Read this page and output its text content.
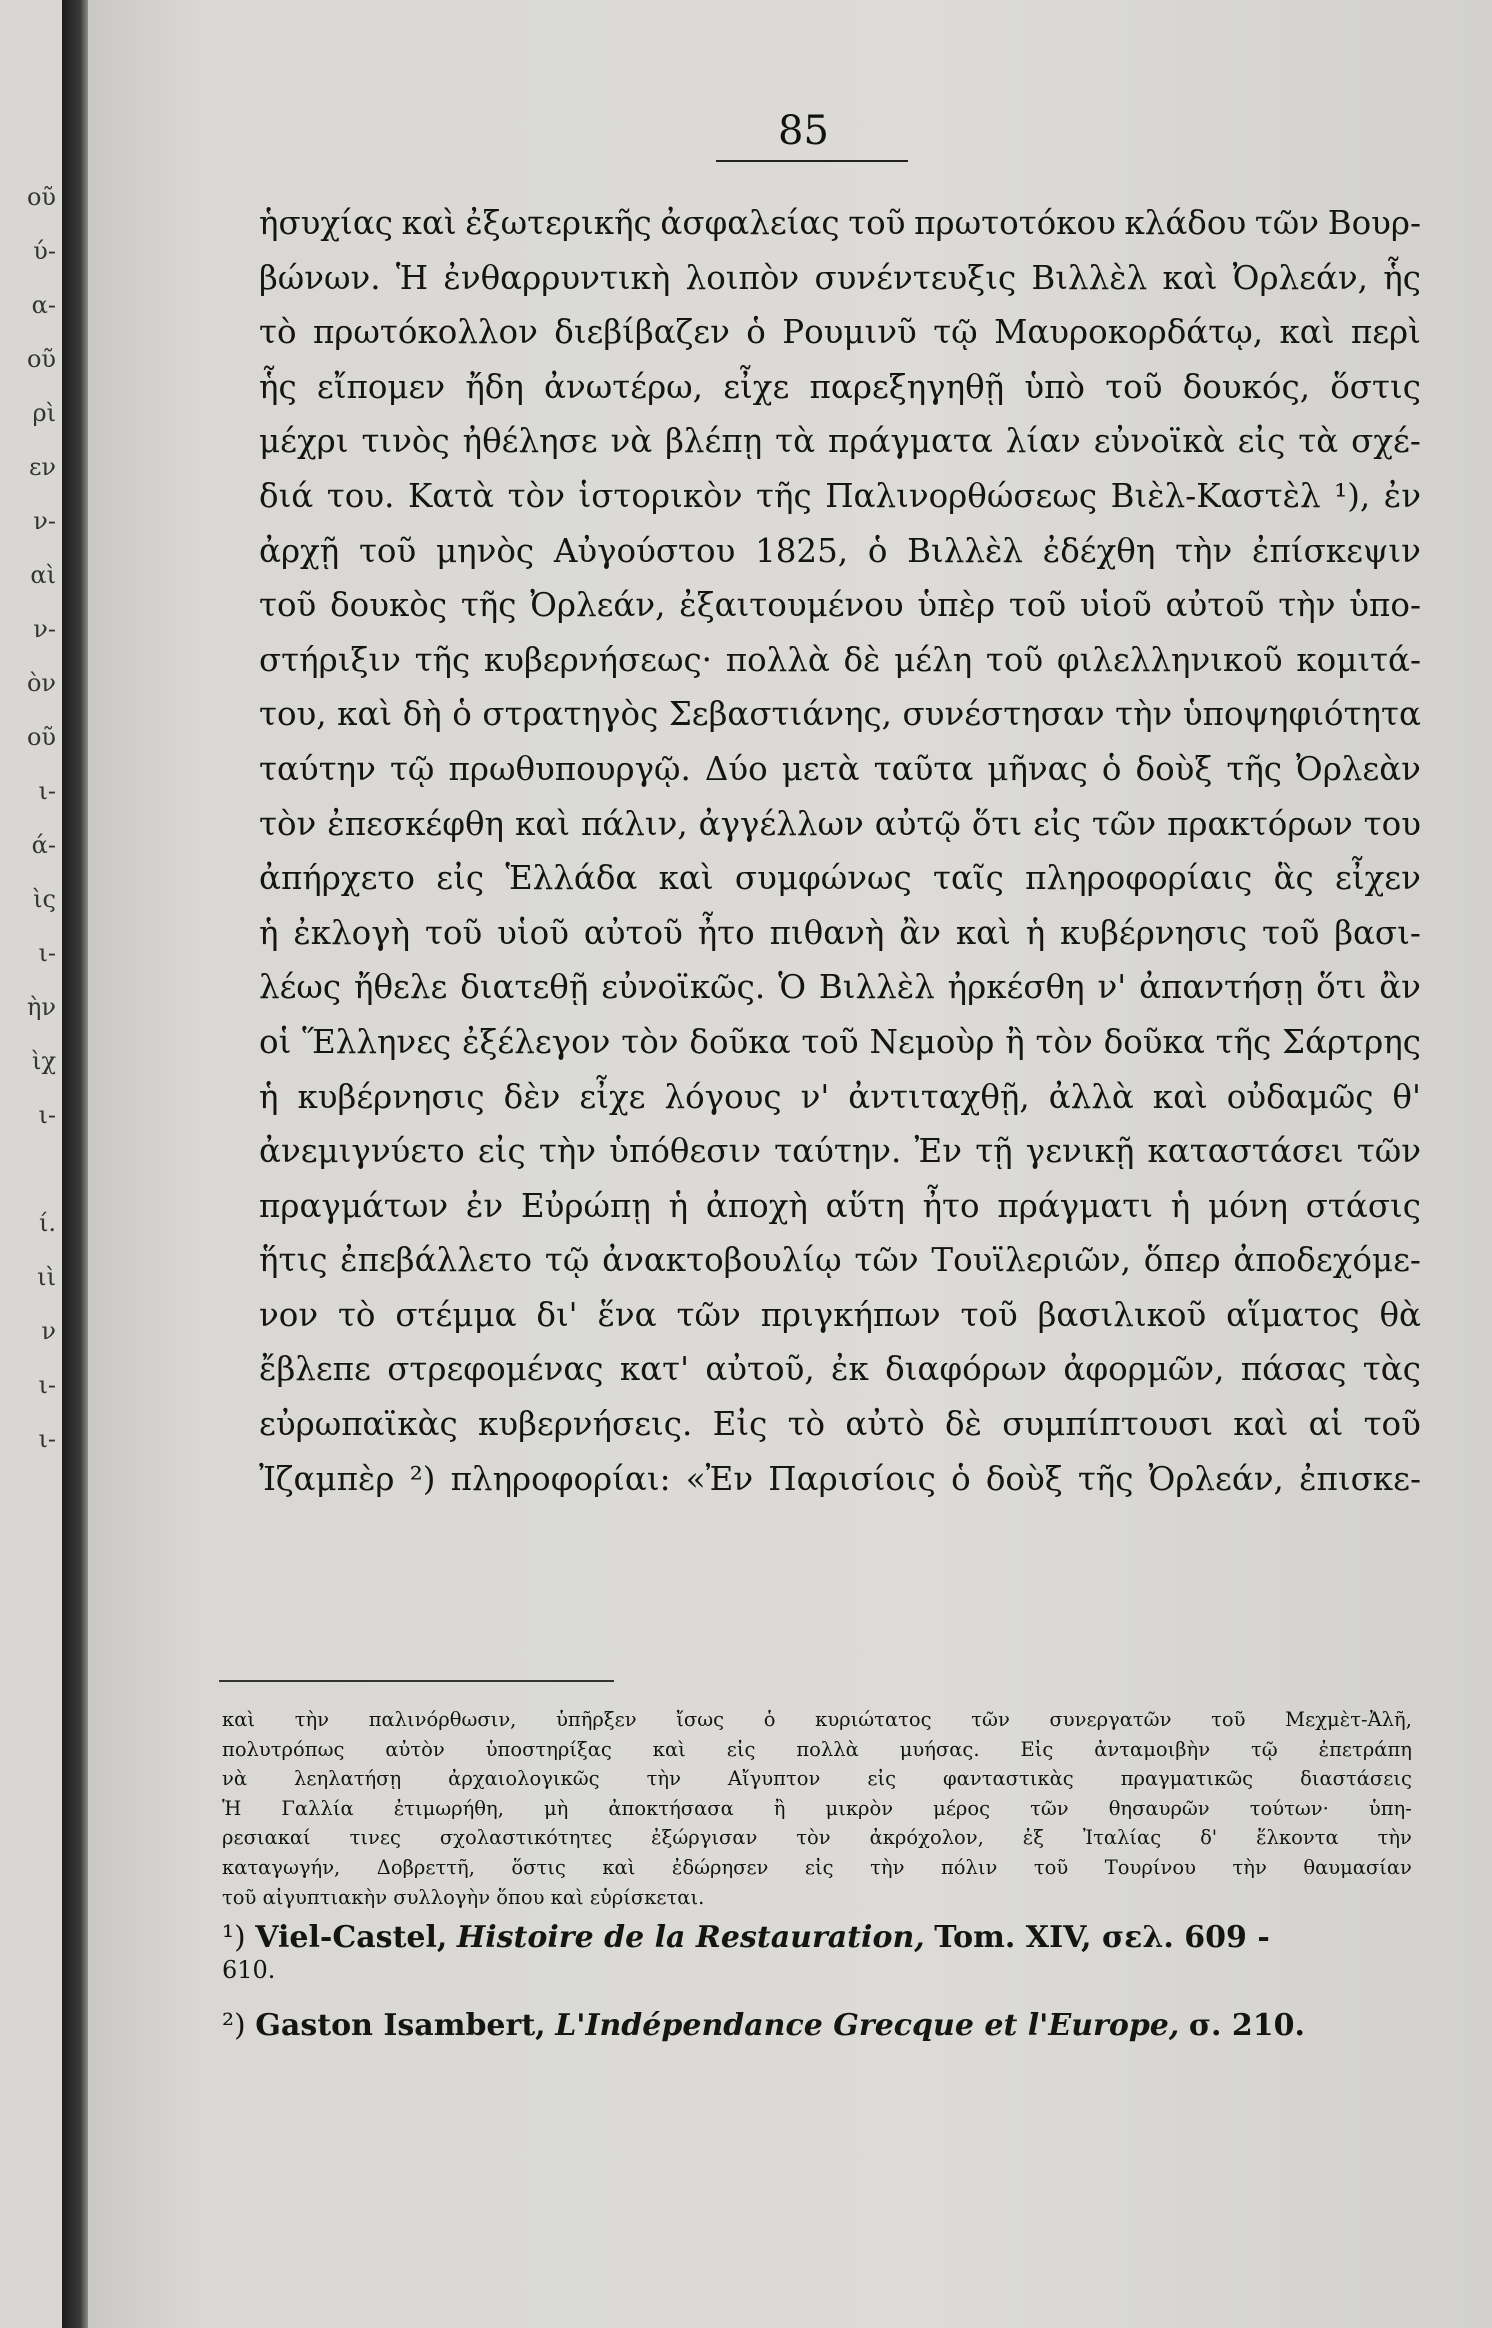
οῦ
ύ-
α-
οῦ
ρὶ
εν
ν-
αὶ
ν-
ὸν
οῦ
ι-
ά-
ὶς
ι-
ὴν
ὶχ
ι-
ί.
ιὶ
ν
ι-
ι-
85
ἡσυχίας καὶ ἐξωτερικῆς ἀσφαλείας τοῦ πρωτοτόκου κλάδου τῶν Βουρ-
βώνων. Ἡ ἐνθαρρυντικὴ λοιπὸν συνέντευξις Βιλλὲλ καὶ Ὀρλεάν, ἧς
τὸ πρωτόκολλον διεβίβαζεν ὁ Ρουμινῦ τῷ Μαυροκορδάτῳ, καὶ περὶ
ἧς εἴπομεν ἤδη ἀνωτέρω, εἶχε παρεξηγηθῇ ὑπὸ τοῦ δουκός, ὅστις
μέχρι τινὸς ἠθέλησε νὰ βλέπῃ τὰ πράγματα λίαν εὐνοϊκὰ εἰς τὰ σχέ-
διά του. Κατὰ τὸν ἱστορικὸν τῆς Παλινορθώσεως Βιὲλ-Καστὲλ ¹), ἐν
ἀρχῇ τοῦ μηνὸς Αὐγούστου 1825, ὁ Βιλλὲλ ἐδέχθη τὴν ἐπίσκεψιν
τοῦ δουκὸς τῆς Ὀρλεάν, ἐξαιτουμένου ὑπὲρ τοῦ υἱοῦ αὐτοῦ τὴν ὑπο-
στήριξιν τῆς κυβερνήσεως· πολλὰ δὲ μέλη τοῦ φιλελληνικοῦ κομιτά-
του, καὶ δὴ ὁ στρατηγὸς Σεβαστιάνης, συνέστησαν τὴν ὑποψηφιότητα
ταύτην τῷ πρωθυπουργῷ. Δύο μετὰ ταῦτα μῆνας ὁ δοὺξ τῆς Ὀρλεὰν
τὸν ἐπεσκέφθη καὶ πάλιν, ἀγγέλλων αὐτῷ ὅτι εἰς τῶν πρακτόρων του
ἀπήρχετο εἰς Ἑλλάδα καὶ συμφώνως ταῖς πληροφορίαις ἃς εἶχεν
ἡ ἐκλογὴ τοῦ υἱοῦ αὐτοῦ ἦτο πιθανὴ ἂν καὶ ἡ κυβέρνησις τοῦ βασι-
λέως ἤθελε διατεθῇ εὐνοϊκῶς. Ὁ Βιλλὲλ ἠρκέσθη ν' ἀπαντήσῃ ὅτι ἂν
οἱ Ἕλληνες ἐξέλεγον τὸν δοῦκα τοῦ Νεμοὺρ ἢ τὸν δοῦκα τῆς Σάρτρης
ἡ κυβέρνησις δὲν εἶχε λόγους ν' ἀντιταχθῇ, ἀλλὰ καὶ οὐδαμῶς θ'
ἀνεμιγνύετο εἰς τὴν ὑπόθεσιν ταύτην. Ἐν τῇ γενικῇ καταστάσει τῶν
πραγμάτων ἐν Εὐρώπῃ ἡ ἀποχὴ αὕτη ἦτο πράγματι ἡ μόνη στάσις
ἥτις ἐπεβάλλετο τῷ ἀνακτοβουλίῳ τῶν Τουϊλεριῶν, ὅπερ ἀποδεχόμε-
νον τὸ στέμμα δι' ἕνα τῶν πριγκήπων τοῦ βασιλικοῦ αἵματος θὰ
ἔβλεπε στρεφομένας κατ' αὐτοῦ, ἐκ διαφόρων ἀφορμῶν, πάσας τὰς
εὐρωπαϊκὰς κυβερνήσεις. Εἰς τὸ αὐτὸ δὲ συμπίπτουσι καὶ αἱ τοῦ
Ἰζαμπὲρ ²) πληροφορίαι: «Ἐν Παρισίοις ὁ δοὺξ τῆς Ὀρλεάν, ἐπισκε-
καὶ τὴν παλινόρθωσιν, ὑπῆρξεν ἴσως ὁ κυριώτατος τῶν συνεργατῶν τοῦ Μεχμὲτ-Ἀλῆ,
πολυτρόπως αὐτὸν ὑποστηρίξας καὶ εἰς πολλὰ μυήσας. Εἰς ἀνταμοιβὴν τῷ ἐπετράπη
νὰ λεηλατήσῃ ἀρχαιολογικῶς τὴν Αἴγυπτον εἰς φανταστικὰς πραγματικῶς διαστάσεις
Ἡ Γαλλία ἐτιμωρήθη, μὴ ἀποκτήσασα ἢ μικρὸν μέρος τῶν θησαυρῶν τούτων· ὑπη-
ρεσιακαί τινες σχολαστικότητες ἐξώργισαν τὸν ἀκρόχολον, ἐξ Ἰταλίας δ' ἕλκοντα τὴν
καταγωγήν, Δοβρεττῆ, ὅστις καὶ ἐδώρησεν εἰς τὴν πόλιν τοῦ Τουρίνου τὴν θαυμασίαν
τοῦ αἰγυπτιακὴν συλλογὴν ὅπου καὶ εὑρίσκεται.
¹) Viel-Castel, Histoire de la Restauration, Tom. XIV, σελ. 609 -
610.
²) Gaston Isambert, L'Indépendance Grecque et l'Europe, σ. 210.
